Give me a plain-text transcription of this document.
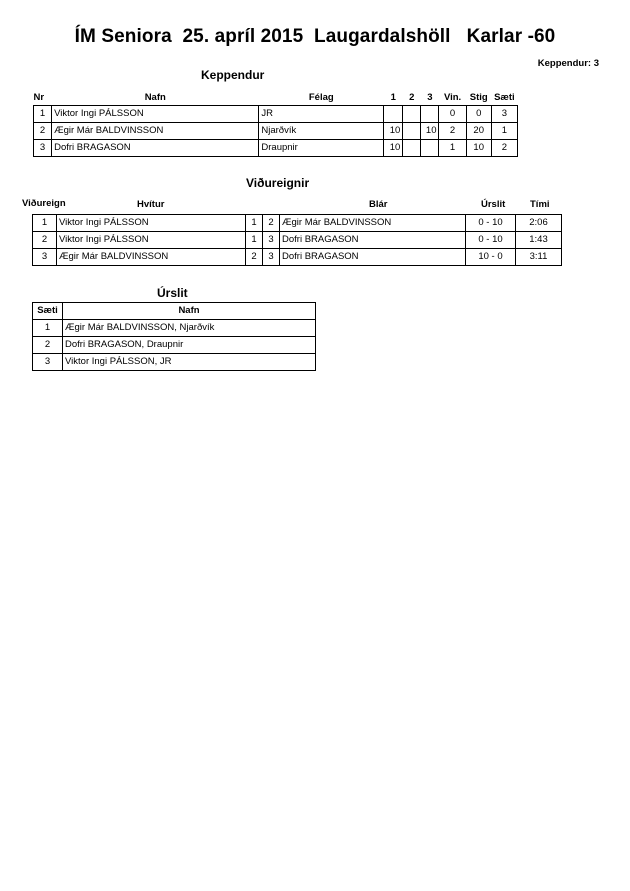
ÍM Seniora  25. apríl 2015  Laugardalshöll   Karlar -60
Keppendur: 3
Keppendur
Nr	Nafn	Félag	1	2	3	Vin.	Stig	Sæti
1	Viktor Ingi PÁLSSON	JR				0	0	3
2	Ægir Már BALDVINSSON	Njarðvík	10		10	2	20	1
3	Dofri BRAGASON	Draupnir	10			1	10	2
Viðureignir
Viðureign	Hvítur	Blár	Úrslit	Tími
1	Viktor Ingi PÁLSSON	1	2	Ægir Már BALDVINSSON	0 - 10	2:06
2	Viktor Ingi PÁLSSON	1	3	Dofri BRAGASON	0 - 10	1:43
3	Ægir Már BALDVINSSON	2	3	Dofri BRAGASON	10 - 0	3:11
Úrslit
Sæti	Nafn
1	Ægir Már BALDVINSSON, Njarðvík
2	Dofri BRAGASON, Draupnir
3	Viktor Ingi PÁLSSON, JR
